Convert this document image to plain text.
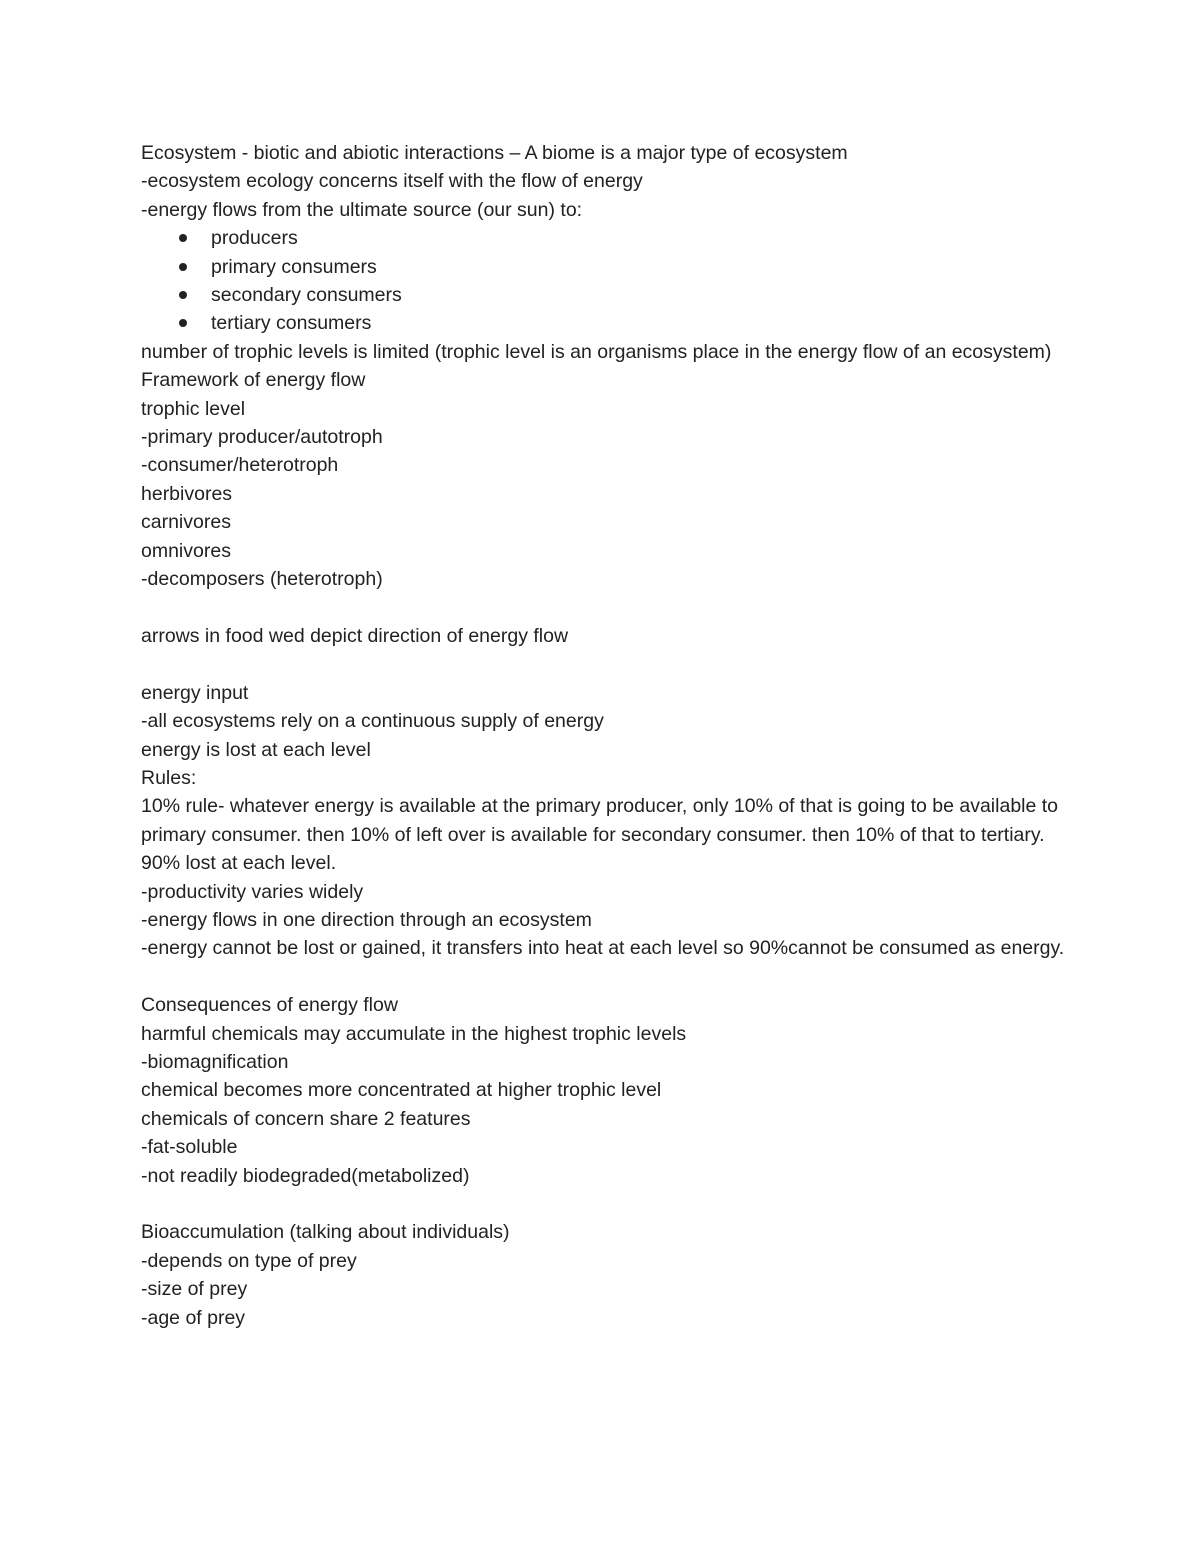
Ecosystem - biotic and abiotic interactions – A biome is a major type of ecosystem

-ecosystem ecology concerns itself with the flow of energy

-energy flows from the ultimate source (our sun) to:

producers
primary consumers
secondary consumers
tertiary consumers

number of trophic levels is limited (trophic level is an organisms place in the energy flow of an ecosystem)

Framework of energy flow

trophic level

-primary producer/autotroph

-consumer/heterotroph

herbivores

carnivores

omnivores

-decomposers (heterotroph)

arrows in food wed depict direction of energy flow

energy input

-all ecosystems rely on a continuous supply of energy

energy is lost at each level

Rules:

10% rule- whatever energy is available at the primary producer, only 10% of that is going to be available to primary consumer. then 10% of left over is available for secondary consumer. then 10% of that to tertiary. 90% lost at each level.

-productivity varies widely

-energy flows in one direction through an ecosystem

-energy cannot be lost or gained, it transfers into heat at each level so 90%cannot be consumed as energy.

Consequences of energy flow

harmful chemicals may accumulate in the highest trophic levels

-biomagnification

chemical becomes more concentrated at higher trophic level

chemicals of concern share 2 features

-fat-soluble

-not readily biodegraded(metabolized)

Bioaccumulation (talking about individuals)

-depends on type of prey

-size of prey

-age of prey
